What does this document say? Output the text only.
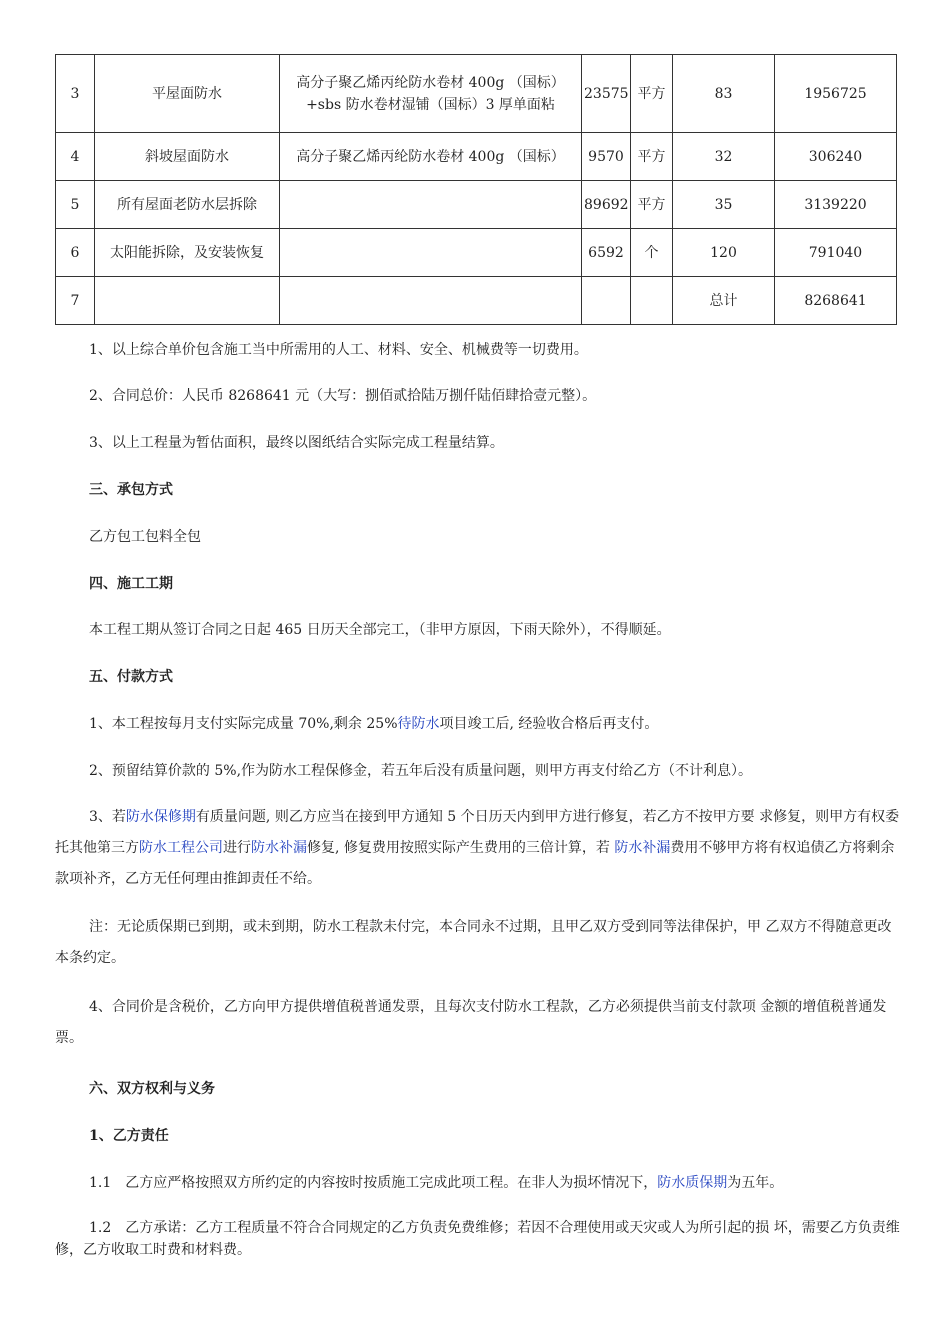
3	平屋面防水	高分子聚乙烯丙纶防水卷材 400g （国标）
+sbs 防水卷材湿铺（国标）3 厚单面粘	23575	平方	83	1956725
4	斜坡屋面防水	高分子聚乙烯丙纶防水卷材 400g （国标）	9570	平方	32	306240
5	所有屋面老防水层拆除		89692	平方	35	3139220
6	太阳能拆除，及安装恢复		6592	个	120	791040
7					总计	8268641
1、以上综合单价包含施工当中所需用的人工、材料、安全、机械费等一切费用。
2、合同总价：人民币 8268641 元（大写：捌佰贰拾陆万捌仟陆佰肆拾壹元整）。
3、以上工程量为暂估面积，最终以图纸结合实际完成工程量结算。
三、承包方式
乙方包工包料全包
四、施工工期
本工程工期从签订合同之日起 465 日历天全部完工，（非甲方原因，下雨天除外），不得顺延。
五、付款方式
1、本工程按每月支付实际完成量 70%,剩余 25%待防水项目竣工后, 经验收合格后再支付。
2、预留结算价款的 5%,作为防水工程保修金，若五年后没有质量问题，则甲方再支付给乙方（不计利息）。
3、若防水保修期有质量问题, 则乙方应当在接到甲方通知 5 个日历天内到甲方进行修复，若乙方不按甲方要 求修复，则甲方有权委托其他第三方防水工程公司进行防水补漏修复, 修复费用按照实际产生费用的三倍计算，若 防水补漏费用不够甲方将有权追债乙方将剩余款项补齐，乙方无任何理由推卸责任不给。
注：无论质保期已到期，或未到期，防水工程款未付完，本合同永不过期，且甲乙双方受到同等法律保护，甲 乙双方不得随意更改本条约定。
4、合同价是含税价，乙方向甲方提供增值税普通发票，且每次支付防水工程款，乙方必须提供当前支付款项 金额的增值税普通发票。
六、双方权利与义务
1、乙方责任
1.1　乙方应严格按照双方所约定的内容按时按质施工完成此项工程。在非人为损坏情况下，防水质保期为五年。
1.2　乙方承诺：乙方工程质量不符合合同规定的乙方负责免费维修；若因不合理使用或天灾或人为所引起的损 坏，需要乙方负责维修，乙方收取工时费和材料费。
